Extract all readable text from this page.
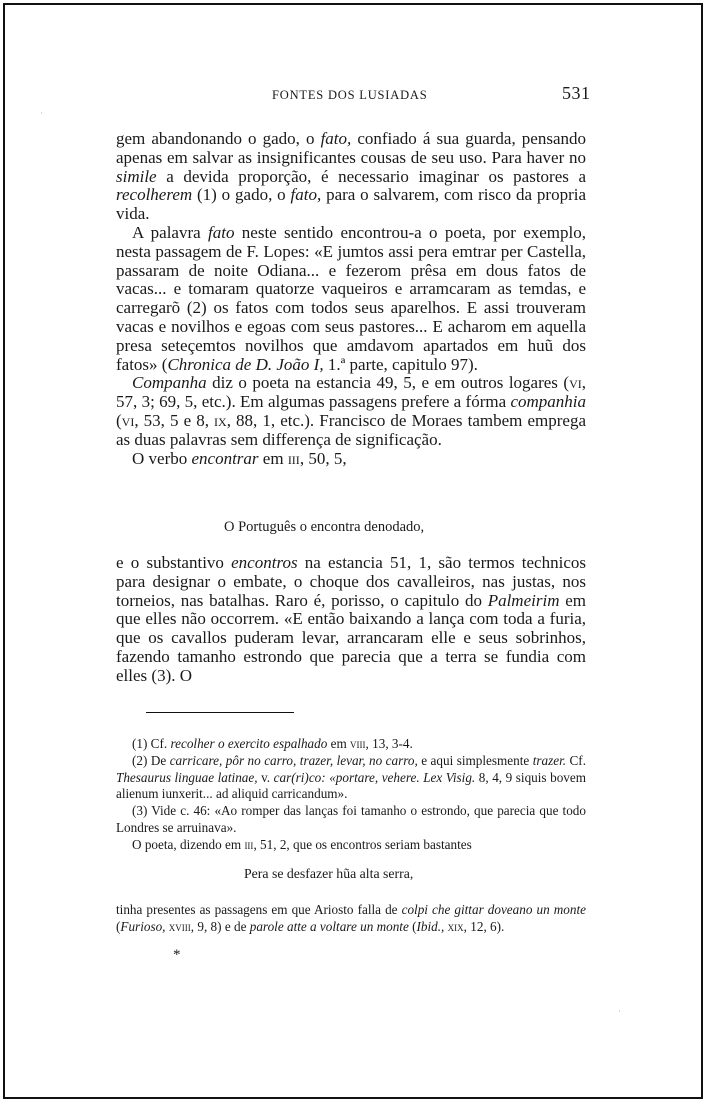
FONTES DOS LUSIADAS	531

gem abandonando o gado, o fato, confiado á sua guarda, pensando apenas em salvar as insignificantes cousas de seu uso. Para haver no simile a devida proporção, é necessario imaginar os pastores a recolherem (1) o gado, o fato, para o salvarem, com risco da propria vida.

A palavra fato neste sentido encontrou-a o poeta, por exemplo, nesta passagem de F. Lopes: «E jumtos assi pera emtrar per Castella, passaram de noite Odiana... e fezerom prêsa em dous fatos de vacas... e tomaram quatorze vaqueiros e arramcaram as temdas, e carregarõ (2) os fatos com todos seus aparelhos. E assi trouveram vacas e novilhos e egoas com seus pastores... E acharom em aquella presa seteçemtos novilhos que amdavom apartados em huũ dos fatos» (Chronica de D. João I, 1.ª parte, capitulo 97).

Companha diz o poeta na estancia 49, 5, e em outros logares (vi, 57, 3; 69, 5, etc.). Em algumas passagens prefere a fórma companhia (vi, 53, 5 e 8, ix, 88, 1, etc.). Francisco de Moraes tambem emprega as duas palavras sem differença de significação.

O verbo encontrar em iii, 50, 5,

O Português o encontra denodado,

e o substantivo encontros na estancia 51, 1, são termos technicos para designar o embate, o choque dos cavalleiros, nas justas, nos torneios, nas batalhas. Raro é, porisso, o capitulo do Palmeirim em que elles não occorrem. «E então baixando a lança com toda a furia, que os cavallos puderam levar, arrancaram elle e seus sobrinhos, fazendo tamanho estrondo que parecia que a terra se fundia com elles (3). O

(1) Cf. recolher o exercito espalhado em viii, 13, 3-4.

(2) De carricare, pôr no carro, trazer, levar, no carro, e aqui simplesmente trazer. Cf. Thesaurus linguae latinae, v. car(ri)co: «portare, vehere. Lex Visig. 8, 4, 9 siquis bovem alienum iunxerit... ad aliquid carricandum».

(3) Vide c. 46: «Ao romper das lanças foi tamanho o estrondo, que parecia que todo Londres se arruinava».

O poeta, dizendo em iii, 51, 2, que os encontros seriam bastantes

Pera se desfazer hũa alta serra,

tinha presentes as passagens em que Ariosto falla de colpi che gittar doveano un monte (Furioso, xviii, 9, 8) e de parole atte a voltare un monte (Ibid., xix, 12, 6).

*
·
·
